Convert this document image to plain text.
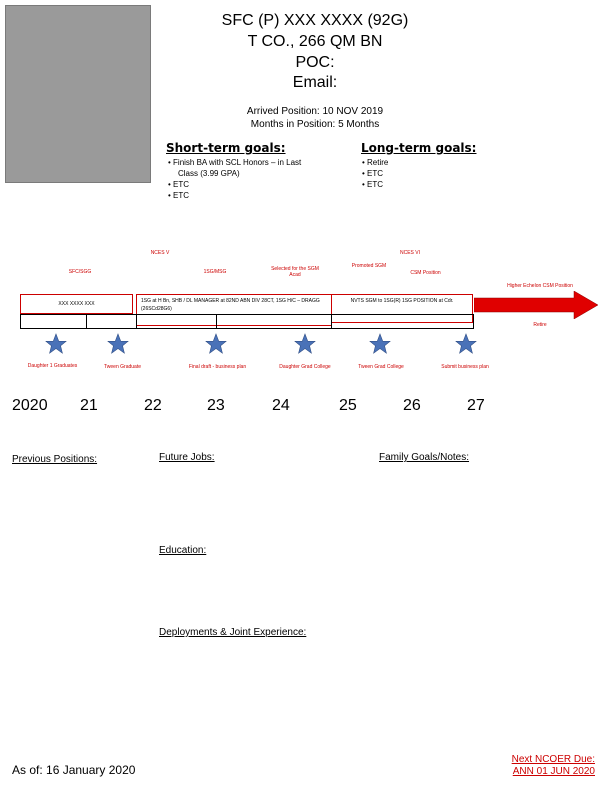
SFC (P) XXX XXXX (92G)
T CO., 266 QM BN
POC:
Email:
Arrived Position: 10 NOV 2019
Months in Position: 5 Months
Short-term goals:
• Finish BA with SCL Honors – in Last Class (3.99 GPA)
• ETC
• ETC
Long-term goals:
• Retire
• ETC
• ETC
NCES V	NCES VI
SFC/SGG	1SG/MSG	Selected for the SGM Acad
Promoted SGM
CSM Position
Higher Echelon CSM Position
XXX XXXX XXX	1SG at H Bn, SHB / DL MANAGER at 82ND ABN DIV 28CT, 1SG H/C – DRAGG (26SCd28G6)
NVTS SGM to 1SG(R) 1SG POSITION at Cdr.
Retire
Daughter 1 Graduates	Tween Graduate	Final draft - business plan	Daughter Grad College	Tween Grad College	Submit business plan
2020 21	22	23	24	25	26	27
Previous Positions:	Future Jobs:	Family Goals/Notes:
Education:
Deployments & Joint Experience:
As of: 16 January 2020
Next NCOER Due:
ANN 01 JUN 2020
